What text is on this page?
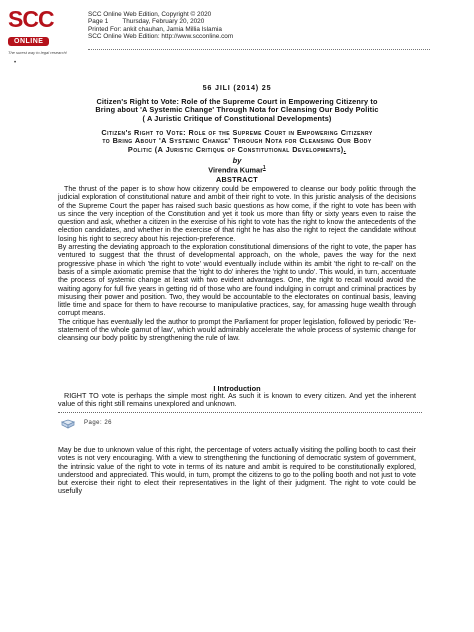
SCC
ONLINE
The surest way to legal research!
SCC Online Web Edition, Copyright © 2020
Page 1        Thursday, February 20, 2020
Printed For: ankit chauhan, Jamia Millia Islamia
SCC Online Web Edition: http://www.scconline.com
•
56 JILI (2014) 25
Citizen's Right to Vote: Role of the Supreme Court in Empowering Citizenry to
Bring about 'A Systemic Change' Through Nota for Cleansing Our Body Politic
( A Juristic Critique of Constitutional Developments)
Citizen's Right to Vote: Role of the Supreme Court in Empowering Citizenry
to Bring About 'A Systemic Change' Through Nota for Cleansing Our Body
Politic (A Juristic Critique of Constitutional Developments).
by
Virendra Kumar$^1$
ABSTRACT

The thrust of the paper is to show how citizenry could be empowered to cleanse our body politic through the judicial exploration of constitutional nature and ambit of their right to vote. In this juristic analysis of the decisions of the Supreme Court the paper has raised such basic questions as how come, if the right to vote has been with us since the very inception of the Constitution and yet it took us more than fifty or sixty years even to raise the question and ask, whether a citizen in the exercise of his right to vote has the right to know the antecedents of the election candidates, and whether in the exercise of that right he has also the right to reject the candidate without losing his right to secrecy about his rejection-preference.

By arresting the deviating approach to the exploration constitutional dimensions of the right to vote, the paper has ventured to suggest that the thrust of developmental approach, on the whole, paves the way for the next progressive phase in which 'the right to vote' would eventually include within its ambit 'the right to re-call' on the basis of a simple axiomatic premise that the 'right to do' inheres the 'right to undo'. This would, in turn, accentuate the process of systemic change at least with two evident advantages. One, the right to recall would avoid the waiting agony for full five years in getting rid of those who are found indulging in corrupt and criminal practices by misusing their power and position. Two, they would be accountable to the electorates on continual basis, leaving little time and space for them to have recourse to manipulative practices, say, for amassing huge wealth through corrupt means.

The critique has eventually led the author to prompt the Parliament for proper legislation, followed by periodic 'Re-statement of the whole gamut of law', which would admirably accelerate the whole process of systemic change for cleansing our body politic by strengthening the rule of law.

I Introduction

RIGHT TO vote is perhaps the simple most right. As such it is known to every citizen. And yet the inherent value of this right still remains unexplored and unknown.

Page: 26

May be due to unknown value of this right, the percentage of voters actually visiting the polling booth to cast their votes is not very encouraging. With a view to strengthening the functioning of democratic system of government, the intrinsic value of the right to vote in terms of its nature and ambit is required to be constitutionally explored, understood and appreciated. This would, in turn, prompt the citizens to go to the polling booth and not just to vote but exercise their right to elect their representatives in the light of their judgment. The right to vote could be usefully
